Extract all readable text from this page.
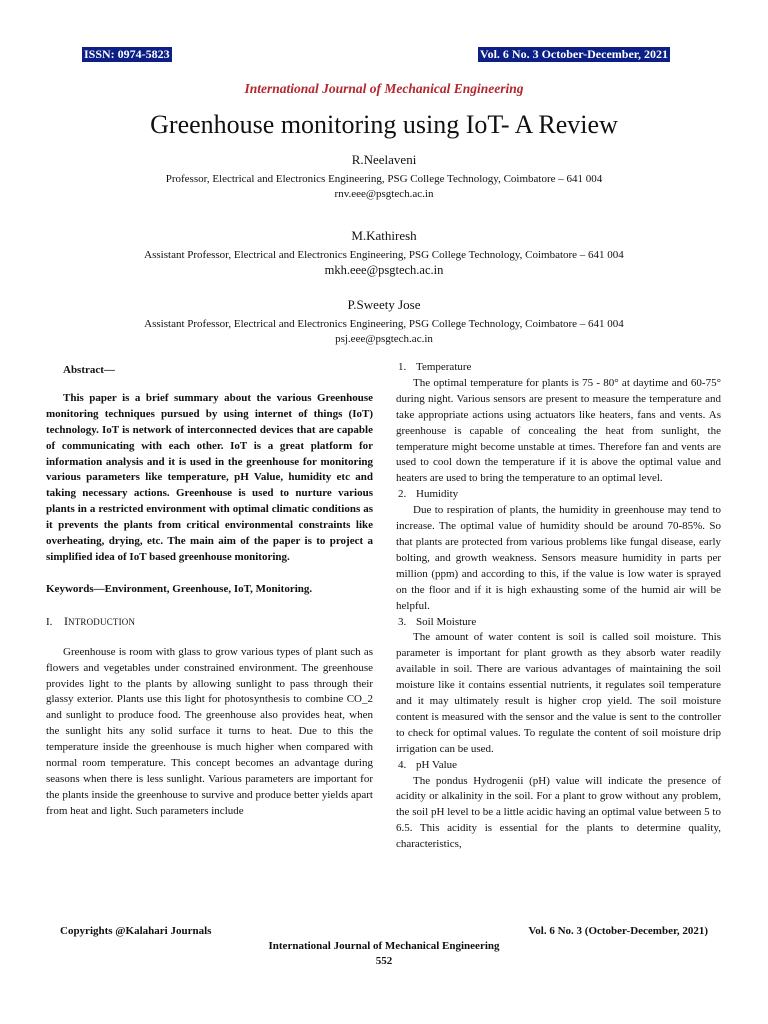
ISSN: 0974-5823	Vol. 6 No. 3 October-December, 2021
International Journal of Mechanical Engineering
Greenhouse monitoring using IoT- A Review
R.Neelaveni
Professor, Electrical and Electronics Engineering, PSG College Technology, Coimbatore – 641 004
rnv.eee@psgtech.ac.in
M.Kathiresh
Assistant Professor, Electrical and Electronics Engineering, PSG College Technology, Coimbatore – 641 004
mkh.eee@psgtech.ac.in
P.Sweety Jose
Assistant Professor, Electrical and Electronics Engineering, PSG College Technology, Coimbatore – 641 004
psj.eee@psgtech.ac.in
Abstract—
This paper is a brief summary about the various Greenhouse monitoring techniques pursued by using internet of things (IoT) technology. IoT is network of interconnected devices that are capable of communicating with each other. IoT is a great platform for information analysis and it is used in the greenhouse for monitoring various parameters like temperature, pH Value, humidity etc and taking necessary actions. Greenhouse is used to nurture various plants in a restricted environment with optimal climatic conditions as it prevents the plants from critical environmental constraints like overheating, drying, etc. The main aim of the paper is to project a simplified idea of IoT based greenhouse monitoring.
Keywords—Environment, Greenhouse, IoT, Monitoring.
I. INTRODUCTION
Greenhouse is room with glass to grow various types of plant such as flowers and vegetables under constrained environment. The greenhouse provides light to the plants by allowing sunlight to pass through their glassy exterior. Plants use this light for photosynthesis to combine CO_2 and sunlight to produce food. The greenhouse also provides heat, when the sunlight hits any solid surface it turns to heat. Due to this the temperature inside the greenhouse is much higher when compared with normal room temperature. This concept becomes an advantage during seasons when there is less sunlight. Various parameters are important for the plants inside the greenhouse to survive and produce better yields apart from heat and light. Such parameters include
1. Temperature
The optimal temperature for plants is 75 - 80° at daytime and 60-75° during night. Various sensors are present to measure the temperature and take appropriate actions using actuators like heaters, fans and vents. As greenhouse is capable of concealing the heat from sunlight, the temperature might become unstable at times. Therefore fan and vents are used to cool down the temperature if it is above the optimal value and heaters are used to bring the temperature to an optimal level.
2. Humidity
Due to respiration of plants, the humidity in greenhouse may tend to increase. The optimal value of humidity should be around 70-85%. So that plants are protected from various problems like fungal disease, early bolting, and growth weakness. Sensors measure humidity in parts per million (ppm) and according to this, if the value is low water is sprayed on the floor and if it is high exhausting some of the humid air will be helpful.
3. Soil Moisture
The amount of water content is soil is called soil moisture. This parameter is important for plant growth as they absorb water readily available in soil. There are various advantages of maintaining the soil moisture like it contains essential nutrients, it regulates soil temperature and it may ultimately result is higher crop yield. The soil moisture content is measured with the sensor and the value is sent to the controller to check for optimal values. To regulate the content of soil moisture drip irrigation can be used.
4. pH Value
The pondus Hydrogenii (pH) value will indicate the presence of acidity or alkalinity in the soil. For a plant to grow without any problem, the soil pH level to be a little acidic having an optimal value between 5 to 6.5. This acidity is essential for the plants to determine quality, characteristics,
Copyrights @Kalahari Journals	Vol. 6 No. 3 (October-December, 2021)
International Journal of Mechanical Engineering
552
